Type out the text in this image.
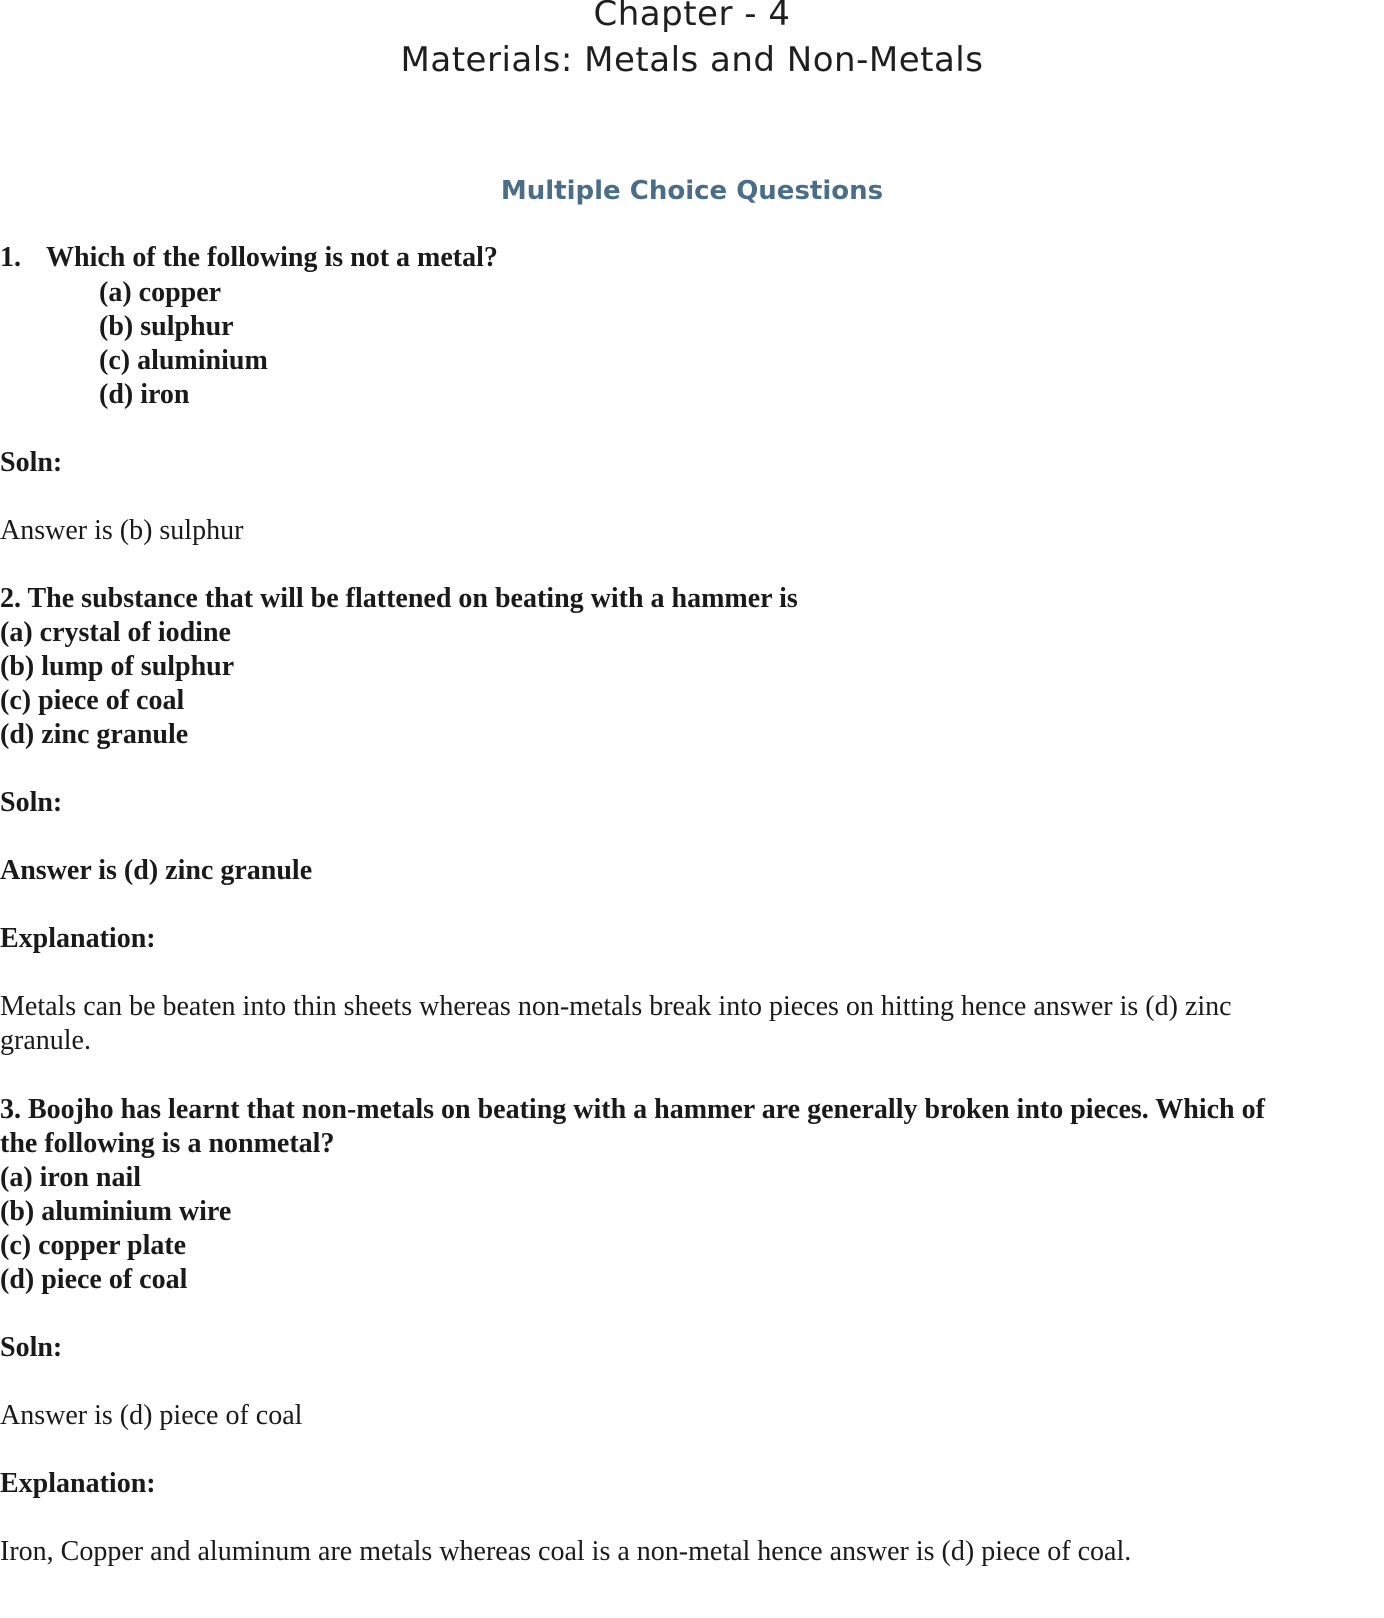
Chapter - 4
Materials: Metals and Non-Metals
Multiple Choice Questions
1. Which of the following is not a metal?
(a) copper
(b) sulphur
(c) aluminium
(d) iron
Soln:
Answer is (b) sulphur
2. The substance that will be flattened on beating with a hammer is
(a) crystal of iodine
(b) lump of sulphur
(c) piece of coal
(d) zinc granule
Soln:
Answer is (d) zinc granule
Explanation:
Metals can be beaten into thin sheets whereas non-metals break into pieces on hitting hence answer is (d) zinc
granule.
3. Boojho has learnt that non-metals on beating with a hammer are generally broken into pieces. Which of
the following is a nonmetal?
(a) iron nail
(b) aluminium wire
(c) copper plate
(d) piece of coal
Soln:
Answer is (d) piece of coal
Explanation:
Iron, Copper and aluminum are metals whereas coal is a non-metal hence answer is (d) piece of coal.
